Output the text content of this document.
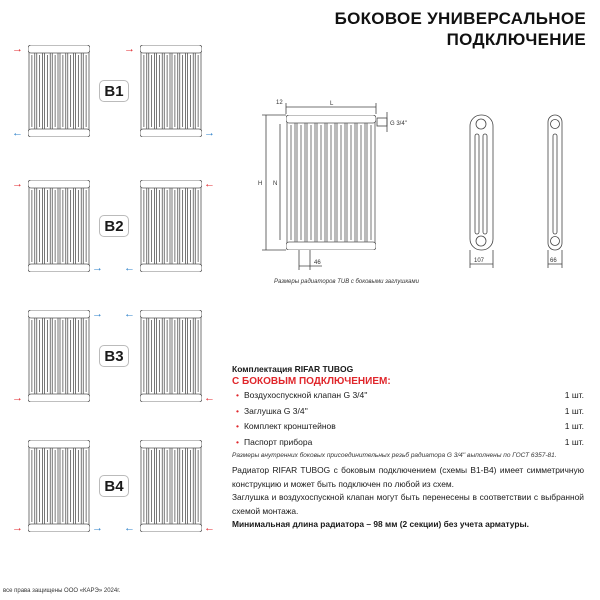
БОКОВОЕ УНИВЕРСАЛЬНОЕ
ПОДКЛЮЧЕНИЕ
B1
→
←
→
→
B2
→
→
←
←
B3
→
→ ←
←
B4
→	→ ←	←
12	L
G 3/4''
H N
46	107	66
Размеры радиаторов TUB с боковыми заглушками
Комплектация RIFAR TUBOG
С БОКОВЫМ ПОДКЛЮЧЕНИЕМ:
• Воздухоспускной клапан G 3/4''	1 шт.
• Заглушка G 3/4''	1 шт.
• Комплект кронштейнов	1 шт.
• Паспорт прибора	1 шт.
Размеры внутренних боковых присоединительных резьб радиатора G 3/4'' выполнены по ГОСТ 6357-81.

Радиатор RIFAR TUBOG с боковым подключением (схемы B1-B4) имеет симметричную конструкцию и может быть подключен по любой из схем.

Заглушка и воздухоспускной клапан могут быть перенесены в соответствии с выбранной схемой монтажа.

Минимальная длина радиатора – 98 мм (2 секции) без учета арматуры.

все права защищены ООО «КАРЭ» 2024г.
